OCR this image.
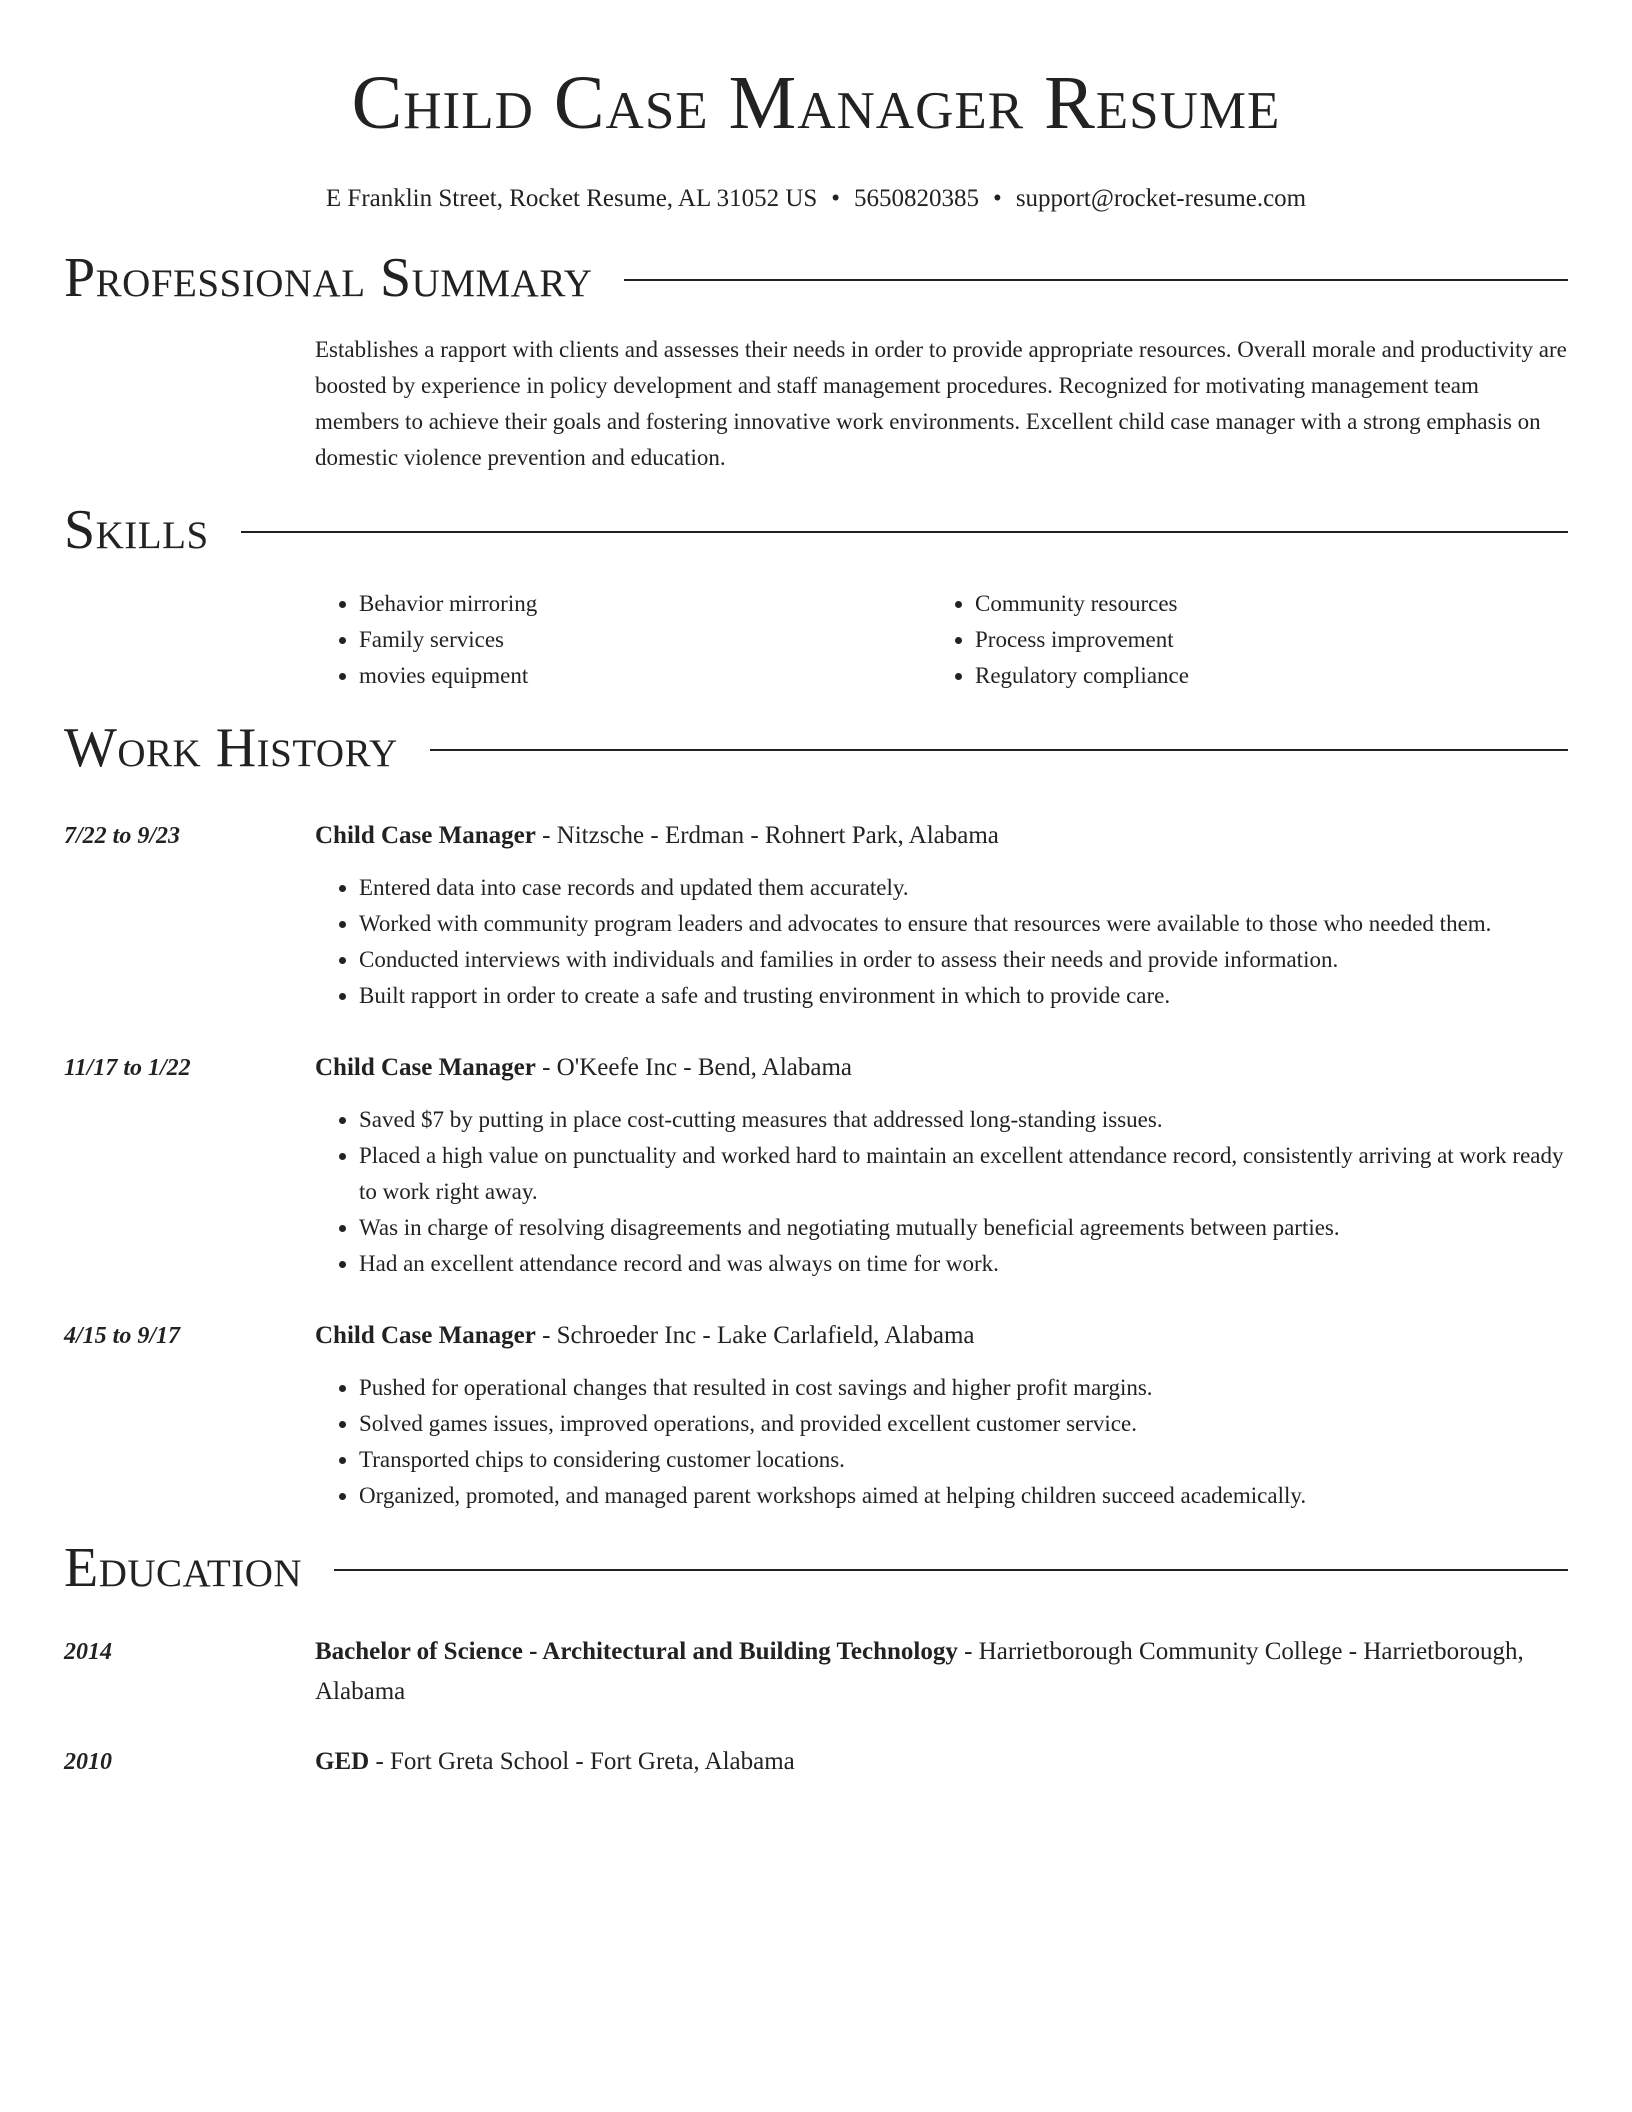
Child Case Manager Resume
E Franklin Street, Rocket Resume, AL 31052 US • 5650820385 • support@rocket-resume.com
Professional Summary
Establishes a rapport with clients and assesses their needs in order to provide appropriate resources. Overall morale and productivity are boosted by experience in policy development and staff management procedures. Recognized for motivating management team members to achieve their goals and fostering innovative work environments. Excellent child case manager with a strong emphasis on domestic violence prevention and education.
Skills
• Behavior mirroring
• Family services
• movies equipment
• Community resources
• Process improvement
• Regulatory compliance
Work History
7/22 to 9/23	Child Case Manager - Nitzsche - Erdman - Rohnert Park, Alabama
• Entered data into case records and updated them accurately.
• Worked with community program leaders and advocates to ensure that resources were available to those who needed them.
• Conducted interviews with individuals and families in order to assess their needs and provide information.
• Built rapport in order to create a safe and trusting environment in which to provide care.
11/17 to 1/22	Child Case Manager - O'Keefe Inc - Bend, Alabama
• Saved $7 by putting in place cost-cutting measures that addressed long-standing issues.
• Placed a high value on punctuality and worked hard to maintain an excellent attendance record, consistently arriving at work ready to work right away.
• Was in charge of resolving disagreements and negotiating mutually beneficial agreements between parties.
• Had an excellent attendance record and was always on time for work.
4/15 to 9/17	Child Case Manager - Schroeder Inc - Lake Carlafield, Alabama
• Pushed for operational changes that resulted in cost savings and higher profit margins.
• Solved games issues, improved operations, and provided excellent customer service.
• Transported chips to considering customer locations.
• Organized, promoted, and managed parent workshops aimed at helping children succeed academically.
Education
2014	Bachelor of Science - Architectural and Building Technology - Harrietborough Community College - Harrietborough, Alabama
2010	GED - Fort Greta School - Fort Greta, Alabama
